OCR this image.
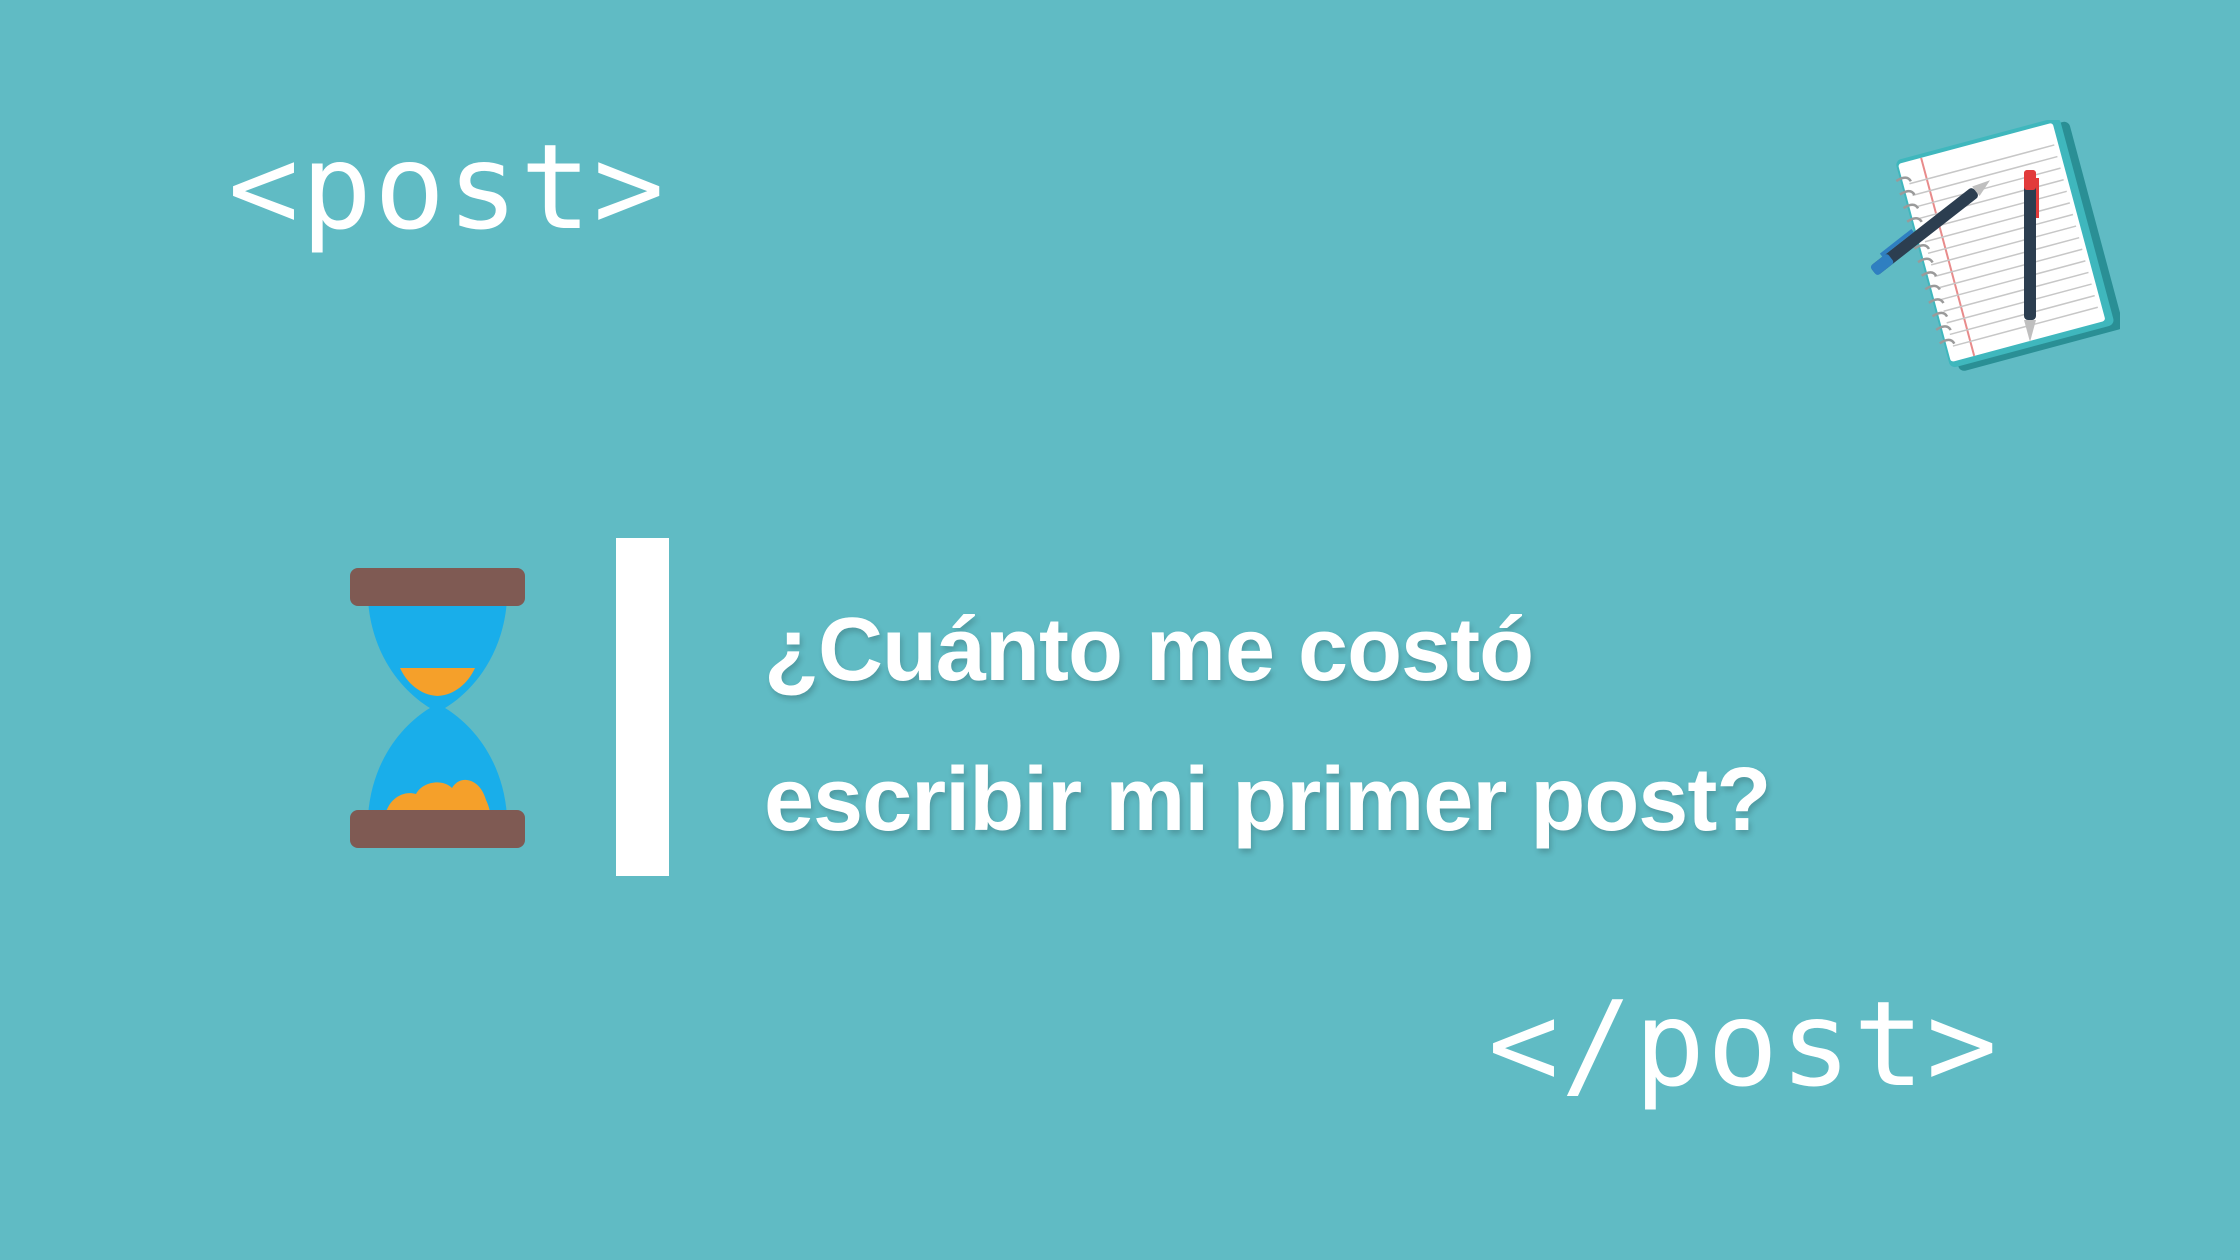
<post>
¿Cuánto me costó
escribir mi primer post?
</post>
